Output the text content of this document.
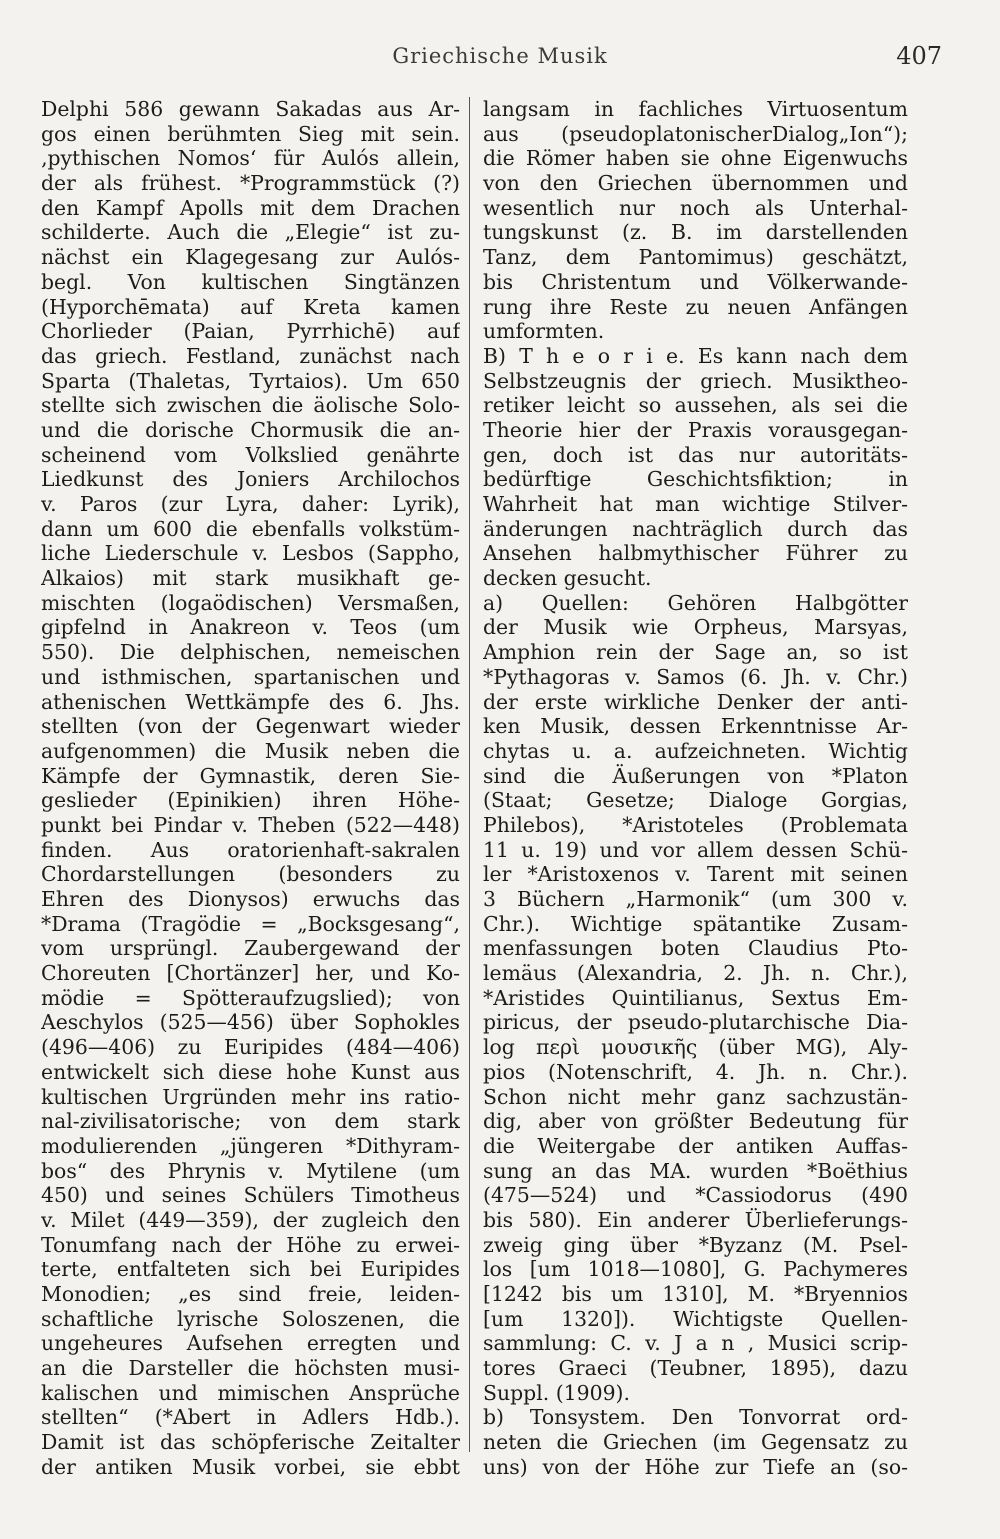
Griechische Musik	407
Delphi 586 gewann Sakadas aus Ar-
gos einen berühmten Sieg mit sein.
‚pythischen Nomos‘ für Aulós allein,
der als frühest. *Programmstück (?)
den Kampf Apolls mit dem Drachen
schilderte. Auch die „Elegie“ ist zu-
nächst ein Klagegesang zur Aulós-
begl. Von kultischen Singtänzen
(Hyporchēmata) auf Kreta kamen
Chorlieder (Paian, Pyrrhichē) auf
das griech. Festland, zunächst nach
Sparta (Thaletas, Tyrtaios). Um 650
stellte sich zwischen die äolische Solo-
und die dorische Chormusik die an-
scheinend vom Volkslied genährte
Liedkunst des Joniers Archilochos
v. Paros (zur Lyra, daher: Lyrik),
dann um 600 die ebenfalls volkstüm-
liche Liederschule v. Lesbos (Sappho,
Alkaios) mit stark musikhaft ge-
mischten (logaödischen) Versmaßen,
gipfelnd in Anakreon v. Teos (um
550). Die delphischen, nemeischen
und isthmischen, spartanischen und
athenischen Wettkämpfe des 6. Jhs.
stellten (von der Gegenwart wieder
aufgenommen) die Musik neben die
Kämpfe der Gymnastik, deren Sie-
geslieder (Epinikien) ihren Höhe-
punkt bei Pindar v. Theben (522—448)
finden. Aus oratorienhaft-sakralen
Chordarstellungen (besonders zu
Ehren des Dionysos) erwuchs das
*Drama (Tragödie = „Bocksgesang“,
vom ursprüngl. Zaubergewand der
Choreuten [Chortänzer] her, und Ko-
mödie = Spötteraufzugslied); von
Aeschylos (525—456) über Sophokles
(496—406) zu Euripides (484—406)
entwickelt sich diese hohe Kunst aus
kultischen Urgründen mehr ins ratio-
nal-zivilisatorische; von dem stark
modulierenden „jüngeren *Dithyram-
bos“ des Phrynis v. Mytilene (um
450) und seines Schülers Timotheus
v. Milet (449—359), der zugleich den
Tonumfang nach der Höhe zu erwei-
terte, entfalteten sich bei Euripides
Monodien; „es sind freie, leiden-
schaftliche lyrische Soloszenen, die
ungeheures Aufsehen erregten und
an die Darsteller die höchsten musi-
kalischen und mimischen Ansprüche
stellten“ (*Abert in Adlers Hdb.).
Damit ist das schöpferische Zeitalter
der antiken Musik vorbei, sie ebbt
langsam in fachliches Virtuosentum
aus (pseudoplatonischerDialog„Ion“);
die Römer haben sie ohne Eigenwuchs
von den Griechen übernommen und
wesentlich nur noch als Unterhal-
tungskunst (z. B. im darstellenden
Tanz, dem Pantomimus) geschätzt,
bis Christentum und Völkerwande-
rung ihre Reste zu neuen Anfängen
umformten.
B) T h e o r i e. Es kann nach dem
Selbstzeugnis der griech. Musiktheo-
retiker leicht so aussehen, als sei die
Theorie hier der Praxis vorausgegan-
gen, doch ist das nur autoritäts-
bedürftige Geschichtsfiktion; in
Wahrheit hat man wichtige Stilver-
änderungen nachträglich durch das
Ansehen halbmythischer Führer zu
decken gesucht.
a) Quellen: Gehören Halbgötter
der Musik wie Orpheus, Marsyas,
Amphion rein der Sage an, so ist
*Pythagoras v. Samos (6. Jh. v. Chr.)
der erste wirkliche Denker der anti-
ken Musik, dessen Erkenntnisse Ar-
chytas u. a. aufzeichneten. Wichtig
sind die Äußerungen von *Platon
(Staat; Gesetze; Dialoge Gorgias,
Philebos), *Aristoteles (Problemata
11 u. 19) und vor allem dessen Schü-
ler *Aristoxenos v. Tarent mit seinen
3 Büchern „Harmonik“ (um 300 v.
Chr.). Wichtige spätantike Zusam-
menfassungen boten Claudius Pto-
lemäus (Alexandria, 2. Jh. n. Chr.),
*Aristides Quintilianus, Sextus Em-
piricus, der pseudo-plutarchische Dia-
log περὶ μουσικῆς (über MG), Aly-
pios (Notenschrift, 4. Jh. n. Chr.).
Schon nicht mehr ganz sachzustän-
dig, aber von größter Bedeutung für
die Weitergabe der antiken Auffas-
sung an das MA. wurden *Boëthius
(475—524) und *Cassiodorus (490
bis 580). Ein anderer Überlieferungs-
zweig ging über *Byzanz (M. Psel-
los [um 1018—1080], G. Pachymeres
[1242 bis um 1310], M. *Bryennios
[um 1320]). Wichtigste Quellen-
sammlung: C. v. J a n , Musici scrip-
tores Graeci (Teubner, 1895), dazu
Suppl. (1909).
b) Tonsystem. Den Tonvorrat ord-
neten die Griechen (im Gegensatz zu
uns) von der Höhe zur Tiefe an (so-
